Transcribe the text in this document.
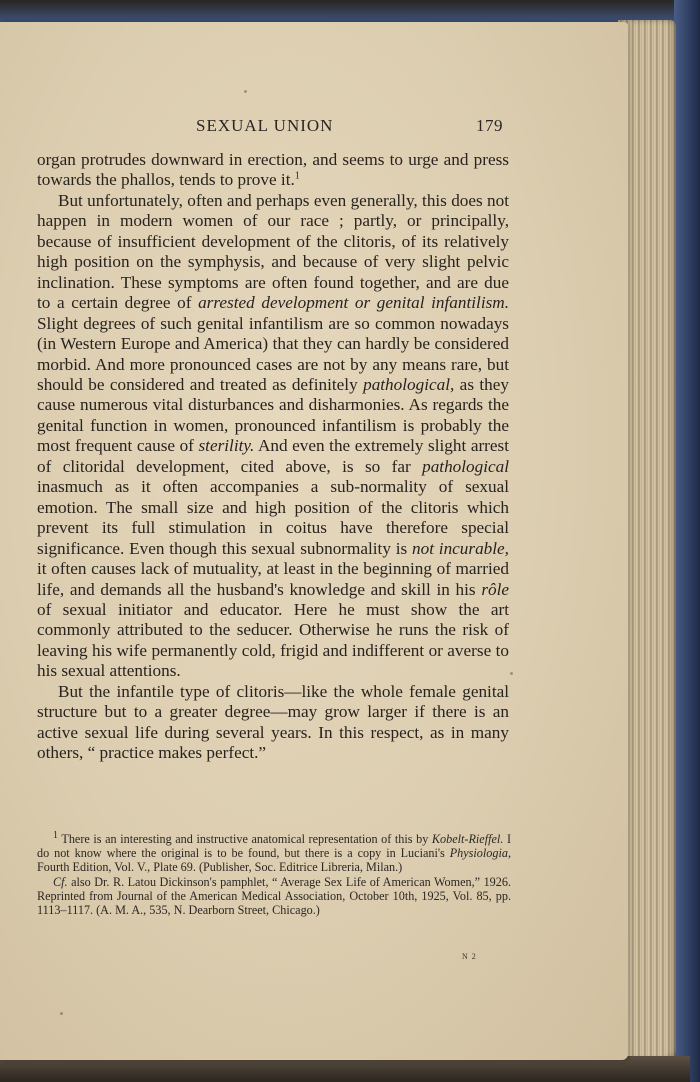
SEXUAL UNION	179

organ protrudes downward in erection, and seems to urge and press towards the phallos, tends to prove it.$^1$

But unfortunately, often and perhaps even generally, this does not happen in modern women of our race ; partly, or principally, because of insufficient development of the clitoris, of its relatively high position on the symphysis, and because of very slight pelvic inclination. These symptoms are often found together, and are due to a certain degree of arrested development or genital infantilism. Slight degrees of such genital infantilism are so common nowadays (in Western Europe and America) that they can hardly be considered morbid. And more pronounced cases are not by any means rare, but should be considered and treated as definitely pathological, as they cause numerous vital disturbances and disharmonies. As regards the genital function in women, pronounced infantilism is probably the most frequent cause of sterility. And even the extremely slight arrest of clitoridal development, cited above, is so far pathological inasmuch as it often accompanies a sub-normality of sexual emotion. The small size and high position of the clitoris which prevent its full stimulation in coitus have therefore special significance. Even though this sexual subnormality is not incurable, it often causes lack of mutuality, at least in the beginning of married life, and demands all the husband's knowledge and skill in his rôle of sexual initiator and educator. Here he must show the art commonly attributed to the seducer. Otherwise he runs the risk of leaving his wife permanently cold, frigid and indifferent or averse to his sexual attentions.

But the infantile type of clitoris—like the whole female genital structure but to a greater degree—may grow larger if there is an active sexual life during several years. In this respect, as in many others, “ practice makes perfect.”

$^1$ There is an interesting and instructive anatomical representation of this by Kobelt-Rieffel. I do not know where the original is to be found, but there is a copy in Luciani's Physiologia, Fourth Edition, Vol. V., Plate 69. (Publisher, Soc. Editrice Libreria, Milan.)

Cf. also Dr. R. Latou Dickinson's pamphlet, “ Average Sex Life of American Women,” 1926. Reprinted from Journal of the American Medical Association, October 10th, 1925, Vol. 85, pp. 1113–1117. (A. M. A., 535, N. Dearborn Street, Chicago.)

N 2
